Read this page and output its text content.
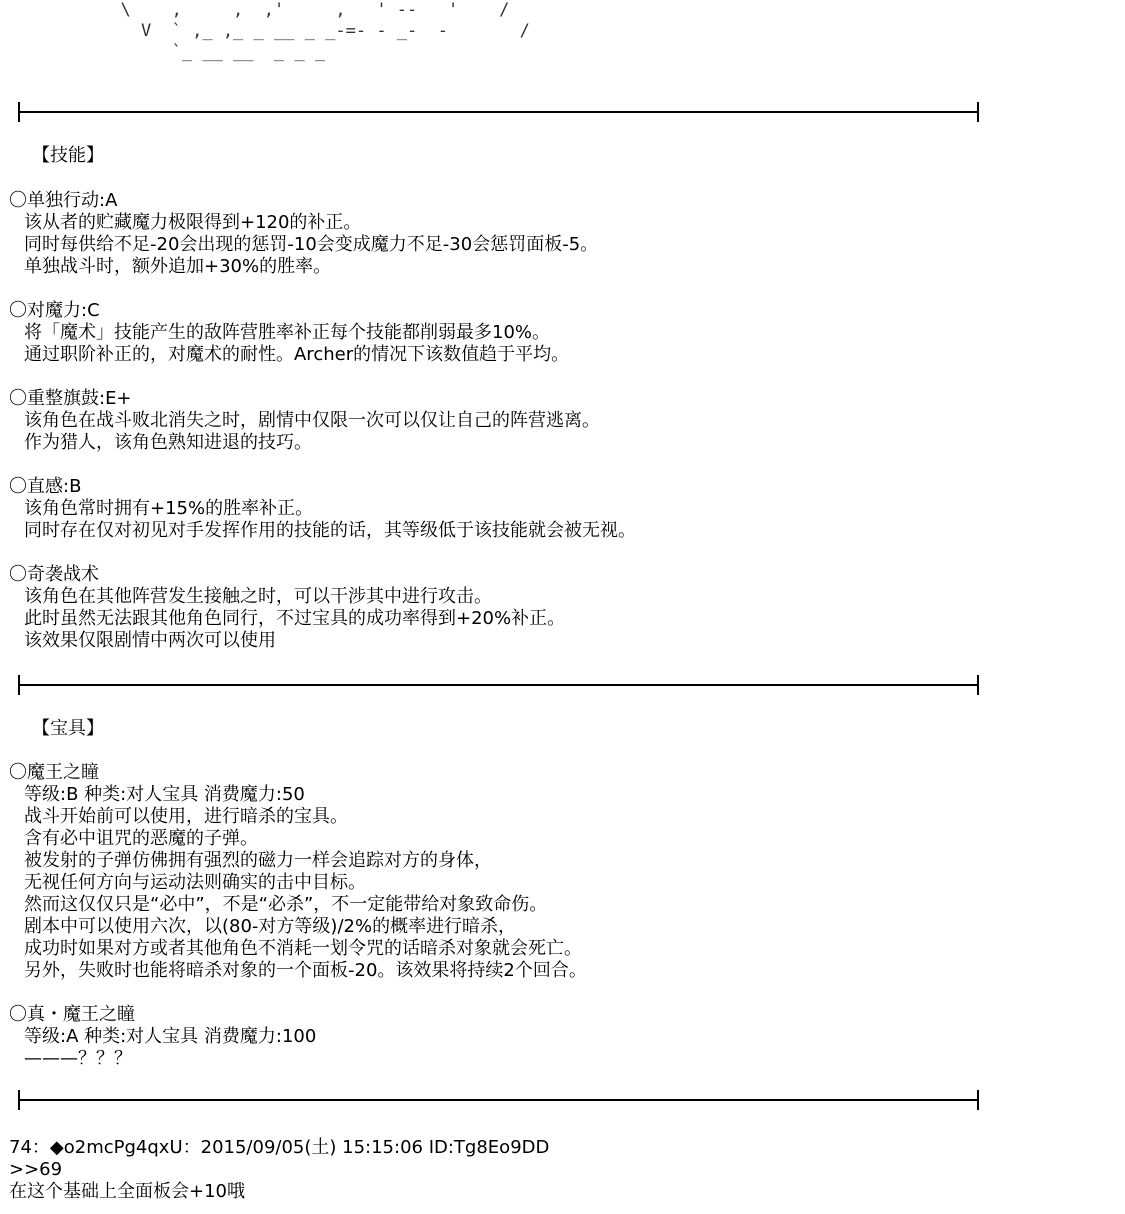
\    ,     ,  ,'     ,   ' --   '    /
V  ` ,_ ,_ _ __ _ _-=- - _-  -       /
`_ __ __  _ _ _
【技能】
〇单独行动:A
该从者的贮藏魔力极限得到+120的补正。
同时每供给不足-20会出现的惩罚-10会变成魔力不足-30会惩罚面板-5。
单独战斗时，额外追加+30%的胜率。
〇对魔力:C
将「魔术」技能产生的敌阵营胜率补正每个技能都削弱最多10%。
通过职阶补正的，对魔术的耐性。Archer的情况下该数值趋于平均。
〇重整旗鼓:E+
该角色在战斗败北消失之时，剧情中仅限一次可以仅让自己的阵营逃离。
作为猎人，该角色熟知进退的技巧。
〇直感:B
该角色常时拥有+15%的胜率补正。
同时存在仅对初见对手发挥作用的技能的话，其等级低于该技能就会被无视。
〇奇袭战术
该角色在其他阵营发生接触之时，可以干涉其中进行攻击。
此时虽然无法跟其他角色同行，不过宝具的成功率得到+20%补正。
该效果仅限剧情中两次可以使用
【宝具】
〇魔王之瞳
等级:B 种类:对人宝具 消费魔力:50
战斗开始前可以使用，进行暗杀的宝具。
含有必中诅咒的恶魔的子弹。
被发射的子弹仿佛拥有强烈的磁力一样会追踪对方的身体，
无视任何方向与运动法则确实的击中目标。
然而这仅仅只是“必中”，不是“必杀”，不一定能带给对象致命伤。
剧本中可以使用六次，以(80-对方等级)/2%的概率进行暗杀，
成功时如果对方或者其他角色不消耗一划令咒的话暗杀对象就会死亡。
另外，失败时也能将暗杀对象的一个面板-20。该效果将持续2个回合。
〇真・魔王之瞳
等级:A 种类:对人宝具 消费魔力:100
———？？？
74：◆o2mcPg4qxU：2015/09/05(土) 15:15:06 ID:Tg8Eo9DD
>>69
在这个基础上全面板会+10哦
